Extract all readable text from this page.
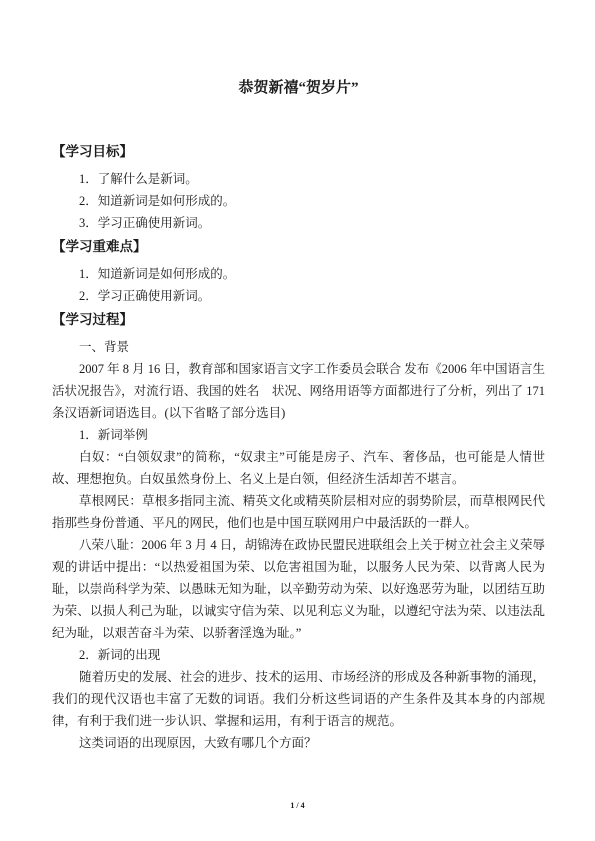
恭贺新禧“贺岁片”
【学习目标】

1．了解什么是新词。

2．知道新词是如何形成的。

3．学习正确使用新词。

【学习重难点】

1．知道新词是如何形成的。

2．学习正确使用新词。

【学习过程】

一、背景

2007 年 8 月 16 日，教育部和国家语言文字工作委员会联合 发布《2006 年中国语言生活状况报告》，对流行语、我国的姓名　状况、网络用语等方面都进行了分析，列出了 171 条汉语新词语选目。(以下省略了部分选目)

1．新词举例

白奴：“白领奴隶”的简称，“奴隶主”可能是房子、汽车、奢侈品，也可能是人情世故、理想抱负。白奴虽然身份上、名义上是白领，但经济生活却苦不堪言。

草根网民：草根多指同主流、精英文化或精英阶层相对应的弱势阶层，而草根网民代指那些身份普通、平凡的网民，他们也是中国互联网用户中最活跃的一群人。

八荣八耻：2006 年 3 月 4 日，胡锦涛在政协民盟民进联组会上关于树立社会主义荣辱观的讲话中提出：“以热爱祖国为荣、以危害祖国为耻，以服务人民为荣、以背离人民为耻，以崇尚科学为荣、以愚昧无知为耻，以辛勤劳动为荣、以好逸恶劳为耻，以团结互助为荣、以损人利己为耻，以诚实守信为荣、以见利忘义为耻，以遵纪守法为荣、以违法乱纪为耻，以艰苦奋斗为荣、以骄奢淫逸为耻。”

2．新词的出现

随着历史的发展、社会的进步、技术的运用、市场经济的形成及各种新事物的涌现，我们的现代汉语也丰富了无数的词语。我们分析这些词语的产生条件及其本身的内部规律，有利于我们进一步认识、掌握和运用，有利于语言的规范。

这类词语的出现原因，大致有哪几个方面？

1 / 4
